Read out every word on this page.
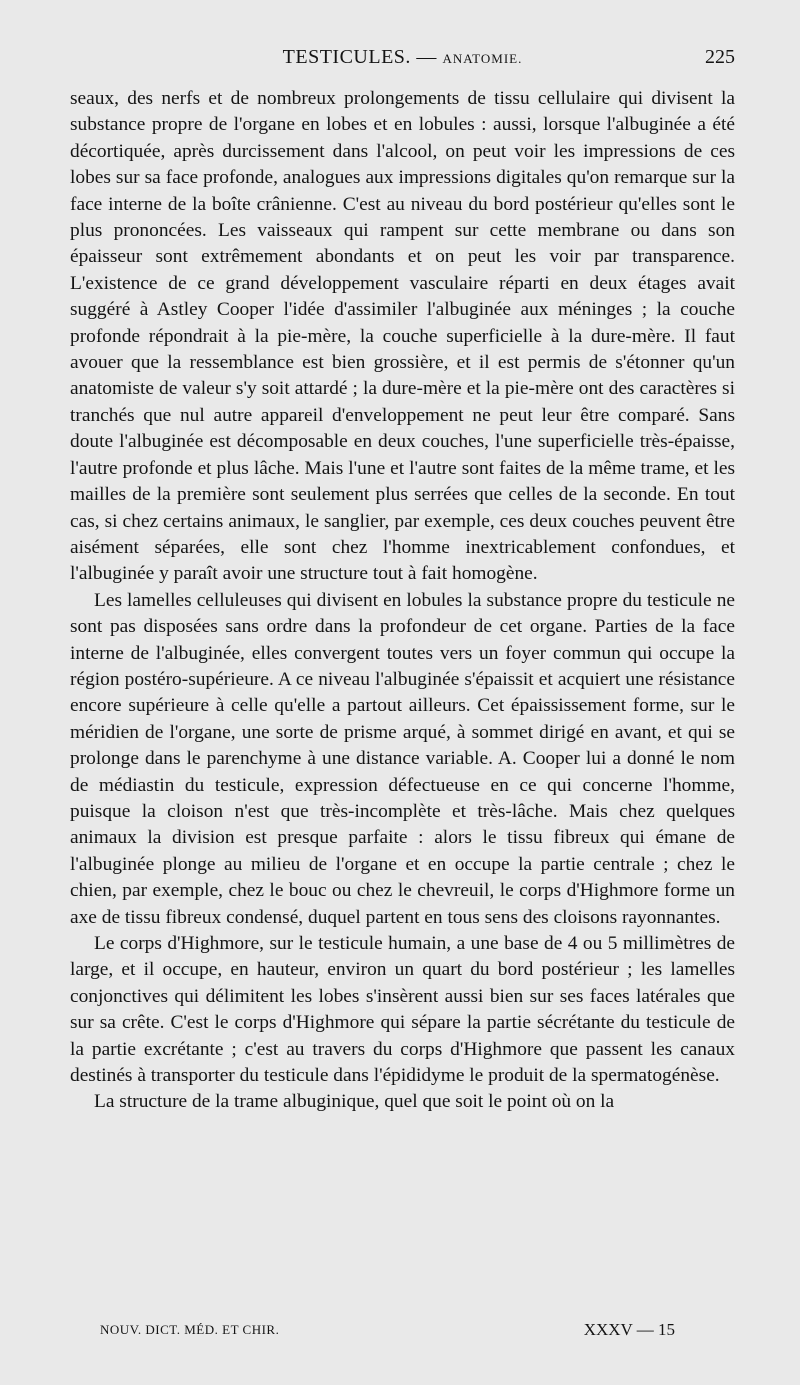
TESTICULES. — ANATOMIE.	225

seaux, des nerfs et de nombreux prolongements de tissu cellulaire qui divisent la substance propre de l'organe en lobes et en lobules : aussi, lorsque l'albuginée a été décortiquée, après durcissement dans l'alcool, on peut voir les impressions de ces lobes sur sa face profonde, analogues aux impressions digitales qu'on remarque sur la face interne de la boîte crânienne. C'est au niveau du bord postérieur qu'elles sont le plus prononcées. Les vaisseaux qui rampent sur cette membrane ou dans son épaisseur sont extrêmement abondants et on peut les voir par transparence. L'existence de ce grand développement vasculaire réparti en deux étages avait suggéré à Astley Cooper l'idée d'assimiler l'albuginée aux méninges ; la couche profonde répondrait à la pie-mère, la couche superficielle à la dure-mère. Il faut avouer que la ressemblance est bien grossière, et il est permis de s'étonner qu'un anatomiste de valeur s'y soit attardé ; la dure-mère et la pie-mère ont des caractères si tranchés que nul autre appareil d'enveloppement ne peut leur être comparé. Sans doute l'albuginée est décomposable en deux couches, l'une superficielle très-épaisse, l'autre profonde et plus lâche. Mais l'une et l'autre sont faites de la même trame, et les mailles de la première sont seulement plus serrées que celles de la seconde. En tout cas, si chez certains animaux, le sanglier, par exemple, ces deux couches peuvent être aisément séparées, elle sont chez l'homme inextricablement confondues, et l'albuginée y paraît avoir une structure tout à fait homogène.

Les lamelles celluleuses qui divisent en lobules la substance propre du testicule ne sont pas disposées sans ordre dans la profondeur de cet organe. Parties de la face interne de l'albuginée, elles convergent toutes vers un foyer commun qui occupe la région postéro-supérieure. A ce niveau l'albuginée s'épaissit et acquiert une résistance encore supérieure à celle qu'elle a partout ailleurs. Cet épaississement forme, sur le méridien de l'organe, une sorte de prisme arqué, à sommet dirigé en avant, et qui se prolonge dans le parenchyme à une distance variable. A. Cooper lui a donné le nom de médiastin du testicule, expression défectueuse en ce qui concerne l'homme, puisque la cloison n'est que très-incomplète et très-lâche. Mais chez quelques animaux la division est presque parfaite : alors le tissu fibreux qui émane de l'albuginée plonge au milieu de l'organe et en occupe la partie centrale ; chez le chien, par exemple, chez le bouc ou chez le chevreuil, le corps d'Highmore forme un axe de tissu fibreux condensé, duquel partent en tous sens des cloisons rayonnantes.

Le corps d'Highmore, sur le testicule humain, a une base de 4 ou 5 millimètres de large, et il occupe, en hauteur, environ un quart du bord postérieur ; les lamelles conjonctives qui délimitent les lobes s'insèrent aussi bien sur ses faces latérales que sur sa crête. C'est le corps d'Highmore qui sépare la partie sécrétante du testicule de la partie excrétante ; c'est au travers du corps d'Highmore que passent les canaux destinés à transporter du testicule dans l'épididyme le produit de la spermatogénèse.

La structure de la trame albuginique, quel que soit le point où on la

NOUV. DICT. MÉD. ET CHIR.	XXXV — 15
